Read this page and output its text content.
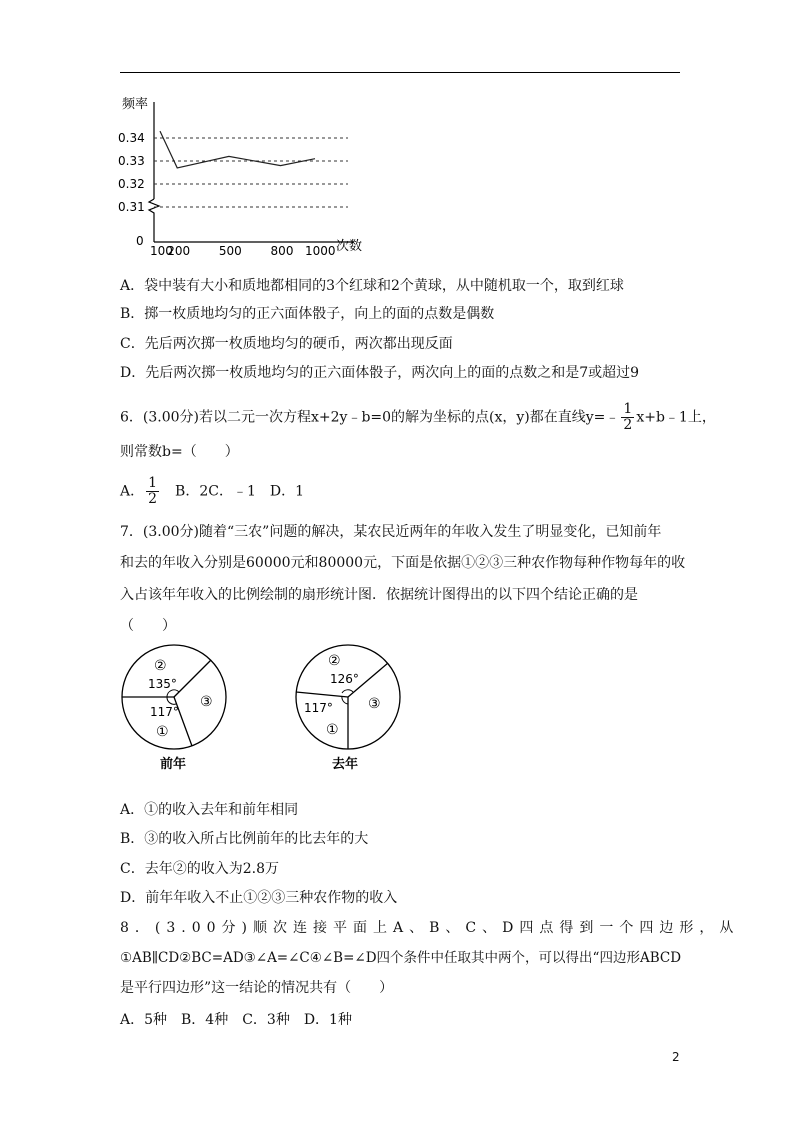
频率
0	次数
0.34
0.33
0.32
0.31
100
200 500 800 1000
A．袋中装有大小和质地都相同的3个红球和2个黄球，从中随机取一个，取到红球
B．掷一枚质地均匀的正六面体骰子，向上的面的点数是偶数
C．先后两次掷一枚质地均匀的硬币，两次都出现反面
D．先后两次掷一枚质地均匀的正六面体骰子，两次向上的面的点数之和是7或超过9
6．(3.00分)若以二元一次方程x+2y﹣b=0的解为坐标的点(x，y)都在直线y=﹣ $\frac{1}{2}$ x+b﹣1上，
则常数b=（　　）
A． $\frac{1}{2}$ 　B．2C．﹣1　D．1
7．(3.00分)随着“三农”问题的解决，某农民近两年的年收入发生了明显变化，已知前年
和去的年收入分别是60000元和80000元，下面是依据①②③三种农作物每种作物每年的收
入占该年年收入的比例绘制的扇形统计图．依据统计图得出的以下四个结论正确的是
（　　）
②
135°
③
117°
①
前年
②
126°
③
117°
①
去年
A．①的收入去年和前年相同
B．③的收入所占比例前年的比去年的大
C．去年②的收入为2.8万
D．前年年收入不止①②③三种农作物的收入
8．(3.00分)顺次连接平面上A、B、C、D四点得到一个四边形，从
①AB∥CD②BC=AD③∠A=∠C④∠B=∠D四个条件中任取其中两个，可以得出“四边形ABCD
是平行四边形”这一结论的情况共有（　　）
A．5种　B．4种　C．3种　D．1种
2
